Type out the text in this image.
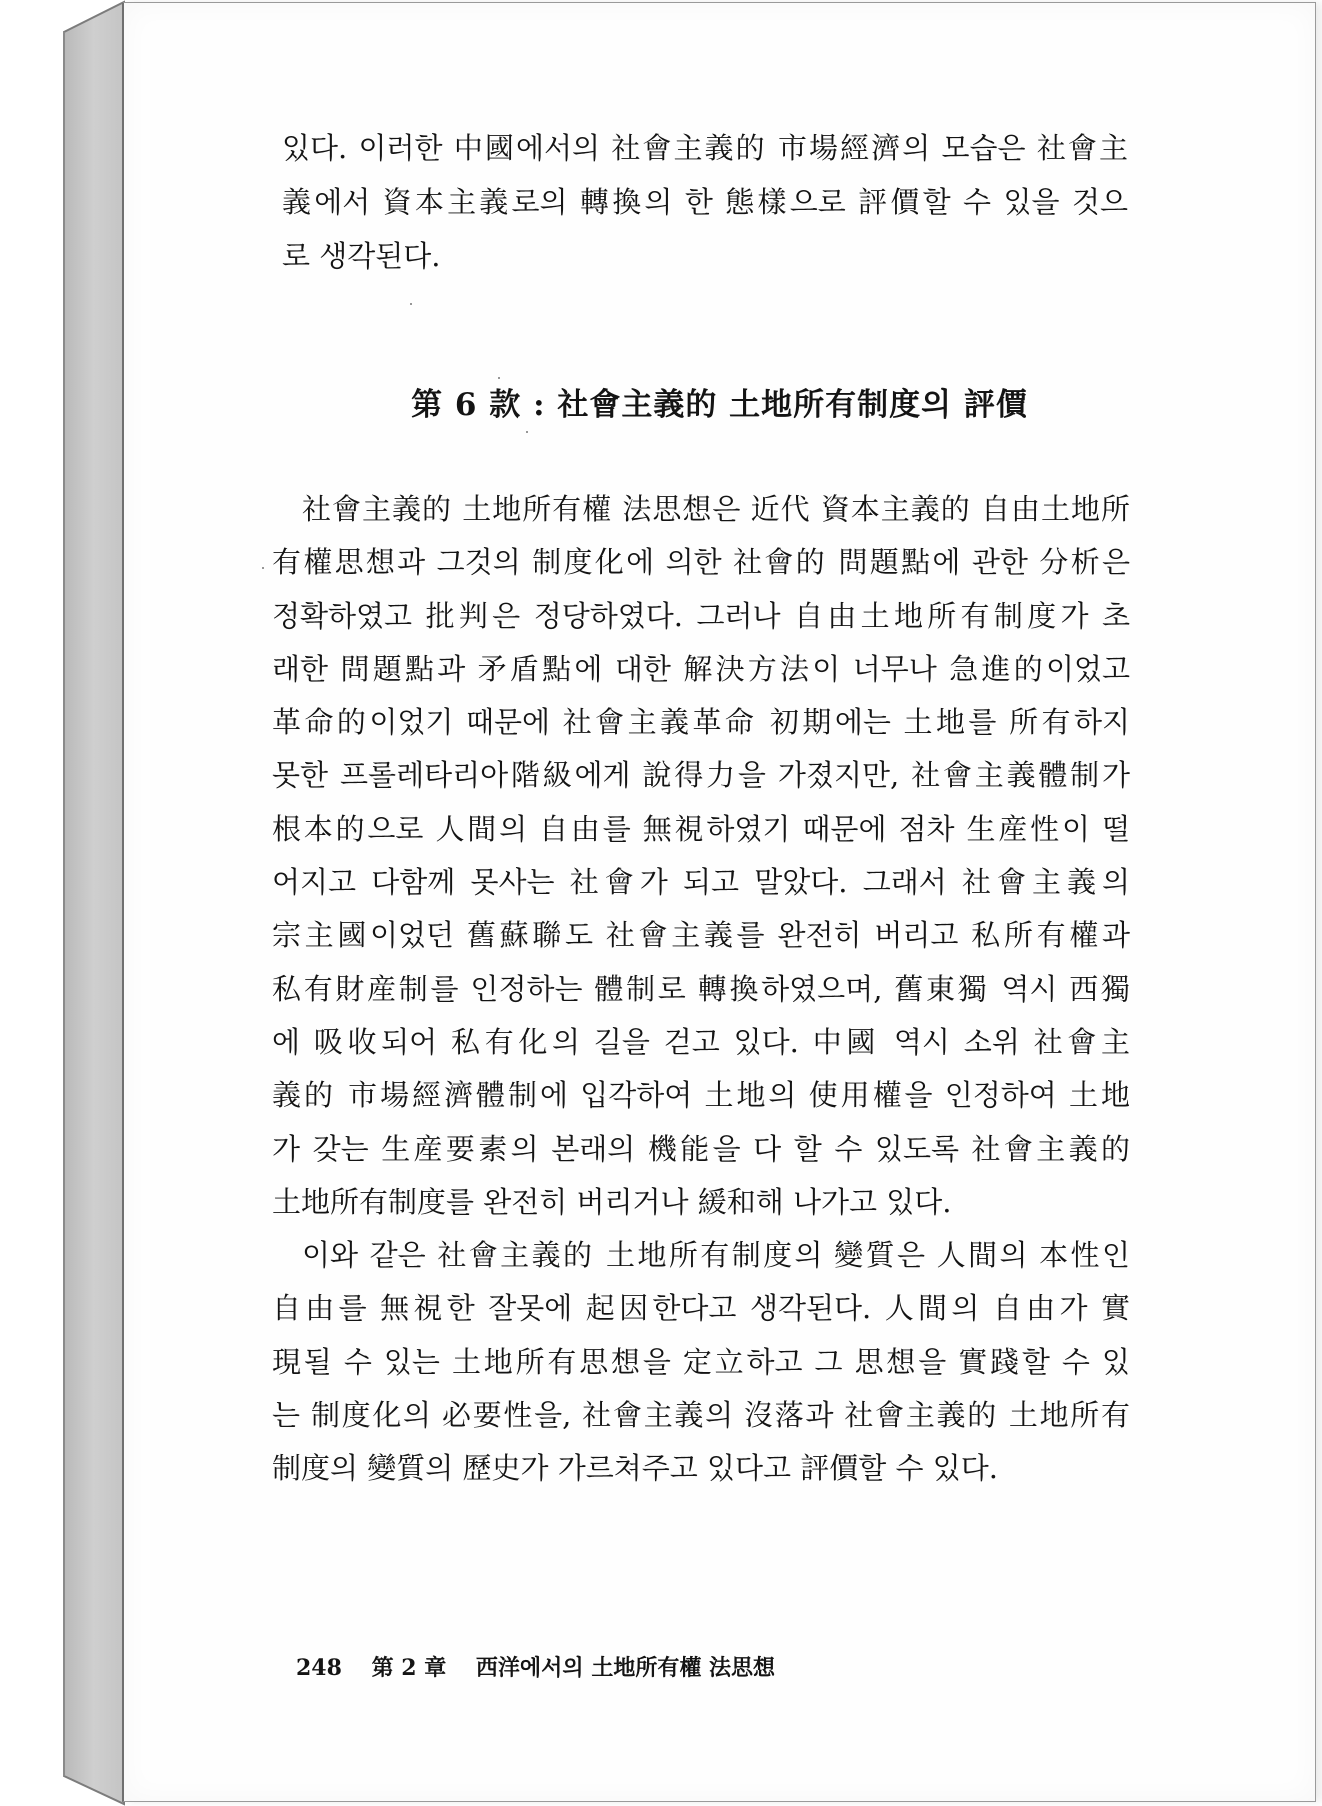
있다. 이러한 中國에서의 社會主義的 市場經濟의 모습은 社會主
義에서 資本主義로의 轉換의 한 態樣으로 評價할 수 있을 것으
로 생각된다.
第 6 款 : 社會主義的 土地所有制度의 評價
社會主義的 土地所有權 法思想은 近代 資本主義的 自由土地所
有權思想과 그것의 制度化에 의한 社會的 問題點에 관한 分析은
정확하였고 批判은 정당하였다. 그러나 自由土地所有制度가 초
래한 問題點과 矛盾點에 대한 解決方法이 너무나 急進的이었고
革命的이었기 때문에 社會主義革命 初期에는 土地를 所有하지
못한 프롤레타리아階級에게 說得力을 가졌지만, 社會主義體制가
根本的으로 人間의 自由를 無視하였기 때문에 점차 生産性이 떨
어지고 다함께 못사는 社會가 되고 말았다. 그래서 社會主義의
宗主國이었던 舊蘇聯도 社會主義를 완전히 버리고 私所有權과
私有財産制를 인정하는 體制로 轉換하였으며, 舊東獨 역시 西獨
에 吸收되어 私有化의 길을 걷고 있다. 中國 역시 소위 社會主
義的 市場經濟體制에 입각하여 土地의 使用權을 인정하여 土地
가 갖는 生産要素의 본래의 機能을 다 할 수 있도록 社會主義的
土地所有制度를 완전히 버리거나 緩和해 나가고 있다.
이와 같은 社會主義的 土地所有制度의 變質은 人間의 本性인
自由를 無視한 잘못에 起因한다고 생각된다. 人間의 自由가 實
現될 수 있는 土地所有思想을 定立하고 그 思想을 實踐할 수 있
는 制度化의 必要性을, 社會主義의 沒落과 社會主義的 土地所有
制度의 變質의 歷史가 가르쳐주고 있다고 評價할 수 있다.
248 第 2 章 西洋에서의 土地所有權 法思想
